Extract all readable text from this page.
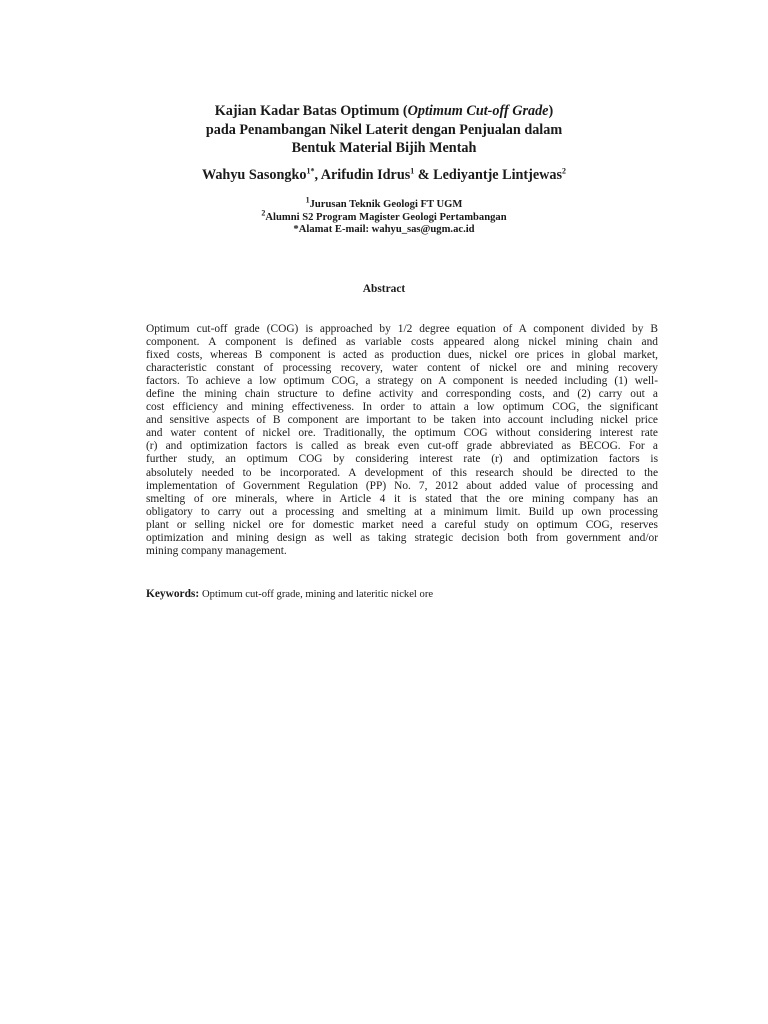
Kajian Kadar Batas Optimum (Optimum Cut-off Grade)
pada Penambangan Nikel Laterit dengan Penjualan dalam
Bentuk Material Bijih Mentah
Wahyu Sasongko$^{1*}$, Arifudin Idrus$^1$ & Lediyantje Lintjewas$^2$
$^1$Jurusan Teknik Geologi FT UGM
$^2$Alumni S2 Program Magister Geologi Pertambangan
*Alamat E-mail: wahyu_sas@ugm.ac.id
Abstract
Optimum cut-off grade (COG) is approached by 1/2 degree equation of A component divided by B
component. A component is defined as variable costs appeared along nickel mining chain and
fixed costs, whereas B component is acted as production dues, nickel ore prices in global market,
characteristic constant of processing recovery, water content of nickel ore and mining recovery
factors. To achieve a low optimum COG, a strategy on A component is needed including (1) well-
define the mining chain structure to define activity and corresponding costs, and (2) carry out a
cost efficiency and mining effectiveness. In order to attain a low optimum COG, the significant
and sensitive aspects of B component are important to be taken into account including nickel price
and water content of nickel ore. Traditionally, the optimum COG without considering interest rate
(r) and optimization factors is called as break even cut-off grade abbreviated as BECOG. For a
further study, an optimum COG by considering interest rate (r) and optimization factors is
absolutely needed to be incorporated. A development of this research should be directed to the
implementation of Government Regulation (PP) No. 7, 2012 about added value of processing and
smelting of ore minerals, where in Article 4 it is stated that the ore mining company has an
obligatory to carry out a processing and smelting at a minimum limit. Build up own processing
plant or selling nickel ore for domestic market need a careful study on optimum COG, reserves
optimization and mining design as well as taking strategic decision both from government and/or
mining company management.
Keywords: Optimum cut-off grade, mining and lateritic nickel ore
